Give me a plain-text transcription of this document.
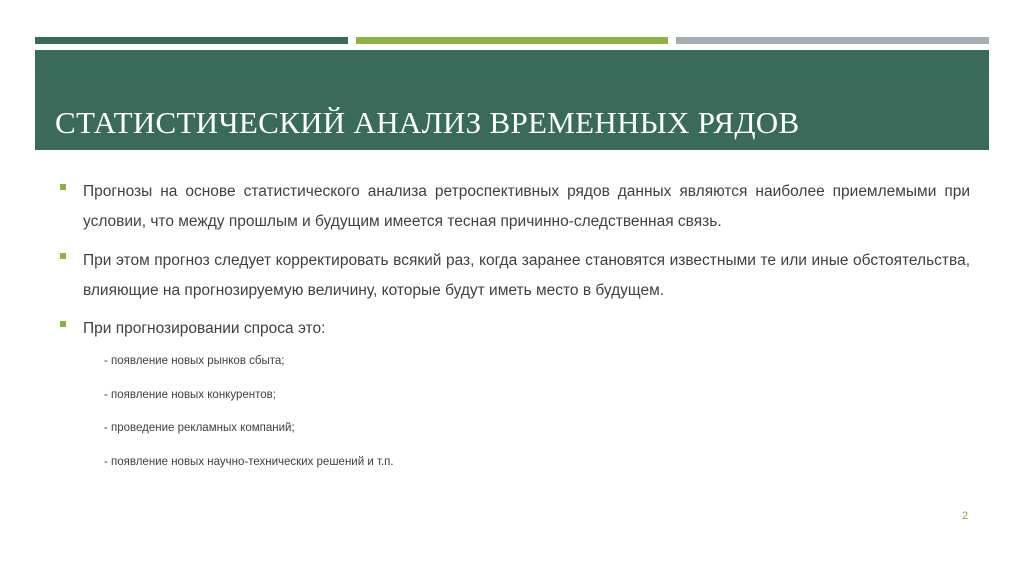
СТАТИСТИЧЕСКИЙ АНАЛИЗ ВРЕМЕННЫХ РЯДОВ
Прогнозы на основе статистического анализа ретроспективных рядов данных являются наиболее приемлемыми при условии, что между прошлым и будущим имеется тесная причинно-следственная связь.
При этом прогноз следует корректировать всякий раз, когда заранее становятся известными те или иные обстоятельства, влияющие на прогнозируемую величину, которые будут иметь место в будущем.
При прогнозировании спроса это:
- появление новых рынков сбыта;
- появление новых конкурентов;
- проведение рекламных компаний;
- появление новых научно-технических решений и т.п.
2
